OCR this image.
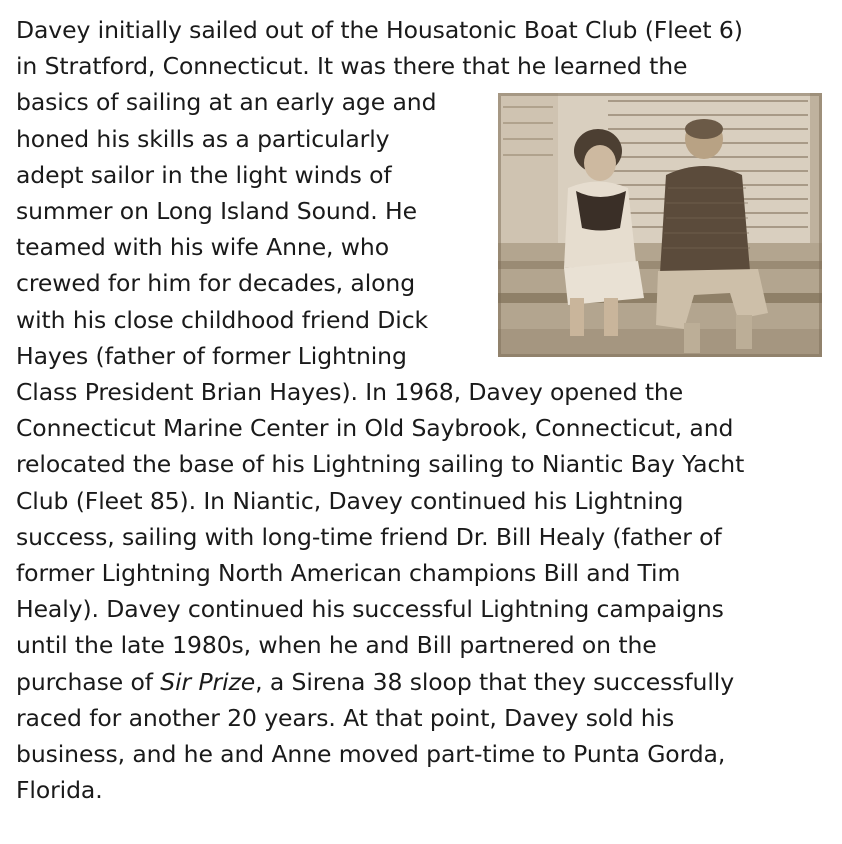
Davey initially sailed out of the Housatonic Boat Club (Fleet 6)
in Stratford, Connecticut. It was there that he learned the
basics of sailing at an early age and
honed his skills as a particularly
adept sailor in the light winds of
summer on Long Island Sound. He
teamed with his wife Anne, who
crewed for him for decades, along
with his close childhood friend Dick
Hayes (father of former Lightning
Class President Brian Hayes). In 1968, Davey opened the
Connecticut Marine Center in Old Saybrook, Connecticut, and
relocated the base of his Lightning sailing to Niantic Bay Yacht
Club (Fleet 85). In Niantic, Davey continued his Lightning
success, sailing with long-time friend Dr. Bill Healy (father of
former Lightning North American champions Bill and Tim
Healy). Davey continued his successful Lightning campaigns
until the late 1980s, when he and Bill partnered on the
purchase of Sir Prize, a Sirena 38 sloop that they successfully
raced for another 20 years. At that point, Davey sold his
business, and he and Anne moved part-time to Punta Gorda,
Florida.
